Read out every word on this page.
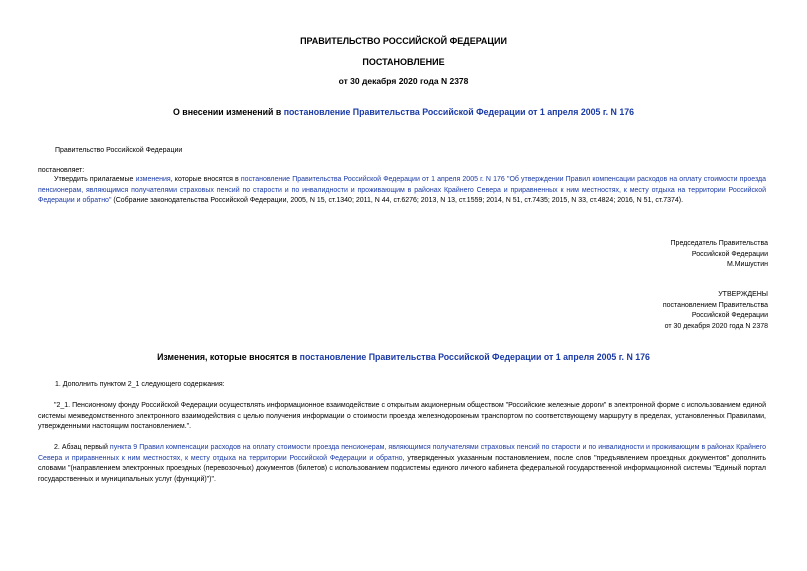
ПРАВИТЕЛЬСТВО РОССИЙСКОЙ ФЕДЕРАЦИИ
ПОСТАНОВЛЕНИЕ
от 30 декабря 2020 года N 2378
О внесении изменений в постановление Правительства Российской Федерации от 1 апреля 2005 г. N 176
Правительство Российской Федерации
постановляет:
Утвердить прилагаемые изменения, которые вносятся в постановление Правительства Российской Федерации от 1 апреля 2005 г. N 176 "Об утверждении Правил компенсации расходов на оплату стоимости проезда пенсионерам, являющимся получателями страховых пенсий по старости и по инвалидности и проживающим в районах Крайнего Севера и приравненных к ним местностях, к месту отдыха на территории Российской Федерации и обратно" (Собрание законодательства Российской Федерации, 2005, N 15, ст.1340; 2011, N 44, ст.6276; 2013, N 13, ст.1559; 2014, N 51, ст.7435; 2015, N 33, ст.4824; 2016, N 51, ст.7374).
Председатель Правительства
Российской Федерации
М.Мишустин
УТВЕРЖДЕНЫ
постановлением Правительства
Российской Федерации
от 30 декабря 2020 года N 2378
Изменения, которые вносятся в постановление Правительства Российской Федерации от 1 апреля 2005 г. N 176
1. Дополнить пунктом 2_1 следующего содержания:
"2_1. Пенсионному фонду Российской Федерации осуществлять информационное взаимодействие с открытым акционерным обществом "Российские железные дороги" в электронной форме с использованием единой системы межведомственного электронного взаимодействия с целью получения информации о стоимости проезда железнодорожным транспортом по соответствующему маршруту в пределах, установленных Правилами, утвержденными настоящим постановлением.".
2. Абзац первый пункта 9 Правил компенсации расходов на оплату стоимости проезда пенсионерам, являющимся получателями страховых пенсий по старости и по инвалидности и проживающим в районах Крайнего Севера и приравненных к ним местностях, к месту отдыха на территории Российской Федерации и обратно, утвержденных указанным постановлением, после слов "предъявлением проездных документов" дополнить словами "(направлением электронных проездных (перевозочных) документов (билетов) с использованием подсистемы единого личного кабинета федеральной государственной информационной системы "Единый портал государственных и муниципальных услуг (функций)")".
